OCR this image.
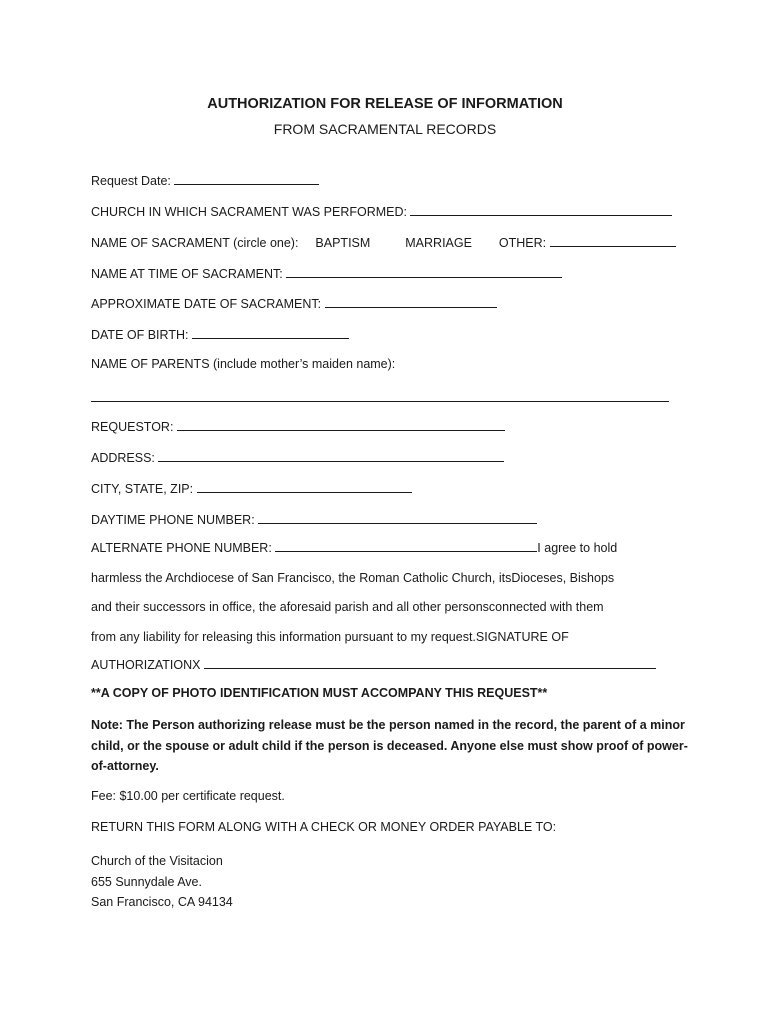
AUTHORIZATION FOR RELEASE OF INFORMATION
FROM SACRAMENTAL RECORDS
Request Date:
CHURCH IN WHICH SACRAMENT WAS PERFORMED:
NAME OF SACRAMENT (circle one): BAPTISM	MARRIAGE OTHER:
NAME AT TIME OF SACRAMENT:
APPROXIMATE DATE OF SACRAMENT:
DATE OF BIRTH:
NAME OF PARENTS (include mother’s maiden name):
REQUESTOR:
ADDRESS:
CITY, STATE, ZIP:
DAYTIME PHONE NUMBER:
ALTERNATE PHONE NUMBER:	I agree to hold
harmless the Archdiocese of San Francisco, the Roman Catholic Church, itsDioceses, Bishops
and their successors in office, the aforesaid parish and all other personsconnected with them
from any liability for releasing this information pursuant to my request.SIGNATURE OF
AUTHORIZATIONX
**A COPY OF PHOTO IDENTIFICATION MUST ACCOMPANY THIS REQUEST**
Note: The Person authorizing release must be the person named in the record, the parent of a minor child, or the spouse or adult child if the person is deceased. Anyone else must show proof of power-of-attorney.
Fee: $10.00 per certificate request.
RETURN THIS FORM ALONG WITH A CHECK OR MONEY ORDER PAYABLE TO:
Church of the Visitacion
655 Sunnydale Ave.
San Francisco, CA 94134
